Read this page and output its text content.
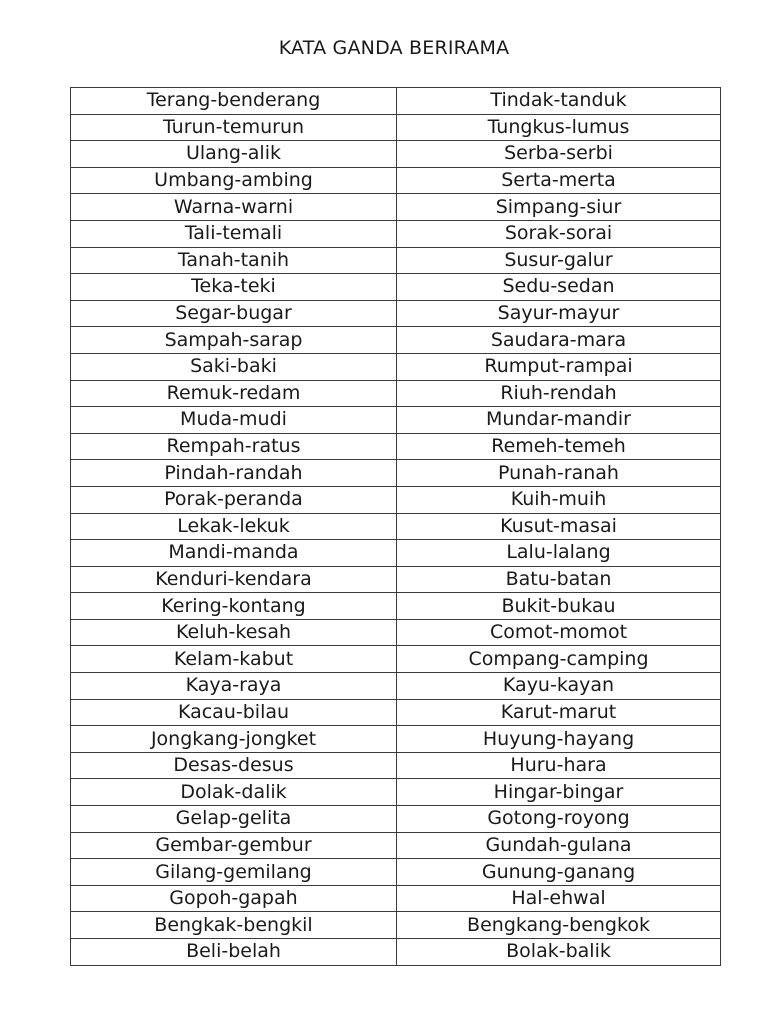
KATA GANDA BERIRAMA
Terang-benderang	Tindak-tanduk
Turun-temurun	Tungkus-lumus
Ulang-alik	Serba-serbi
Umbang-ambing	Serta-merta
Warna-warni	Simpang-siur
Tali-temali	Sorak-sorai
Tanah-tanih	Susur-galur
Teka-teki	Sedu-sedan
Segar-bugar	Sayur-mayur
Sampah-sarap	Saudara-mara
Saki-baki	Rumput-rampai
Remuk-redam	Riuh-rendah
Muda-mudi	Mundar-mandir
Rempah-ratus	Remeh-temeh
Pindah-randah	Punah-ranah
Porak-peranda	Kuih-muih
Lekak-lekuk	Kusut-masai
Mandi-manda	Lalu-lalang
Kenduri-kendara	Batu-batan
Kering-kontang	Bukit-bukau
Keluh-kesah	Comot-momot
Kelam-kabut	Compang-camping
Kaya-raya	Kayu-kayan
Kacau-bilau	Karut-marut
Jongkang-jongket	Huyung-hayang
Desas-desus	Huru-hara
Dolak-dalik	Hingar-bingar
Gelap-gelita	Gotong-royong
Gembar-gembur	Gundah-gulana
Gilang-gemilang	Gunung-ganang
Gopoh-gapah	Hal-ehwal
Bengkak-bengkil	Bengkang-bengkok
Beli-belah	Bolak-balik
